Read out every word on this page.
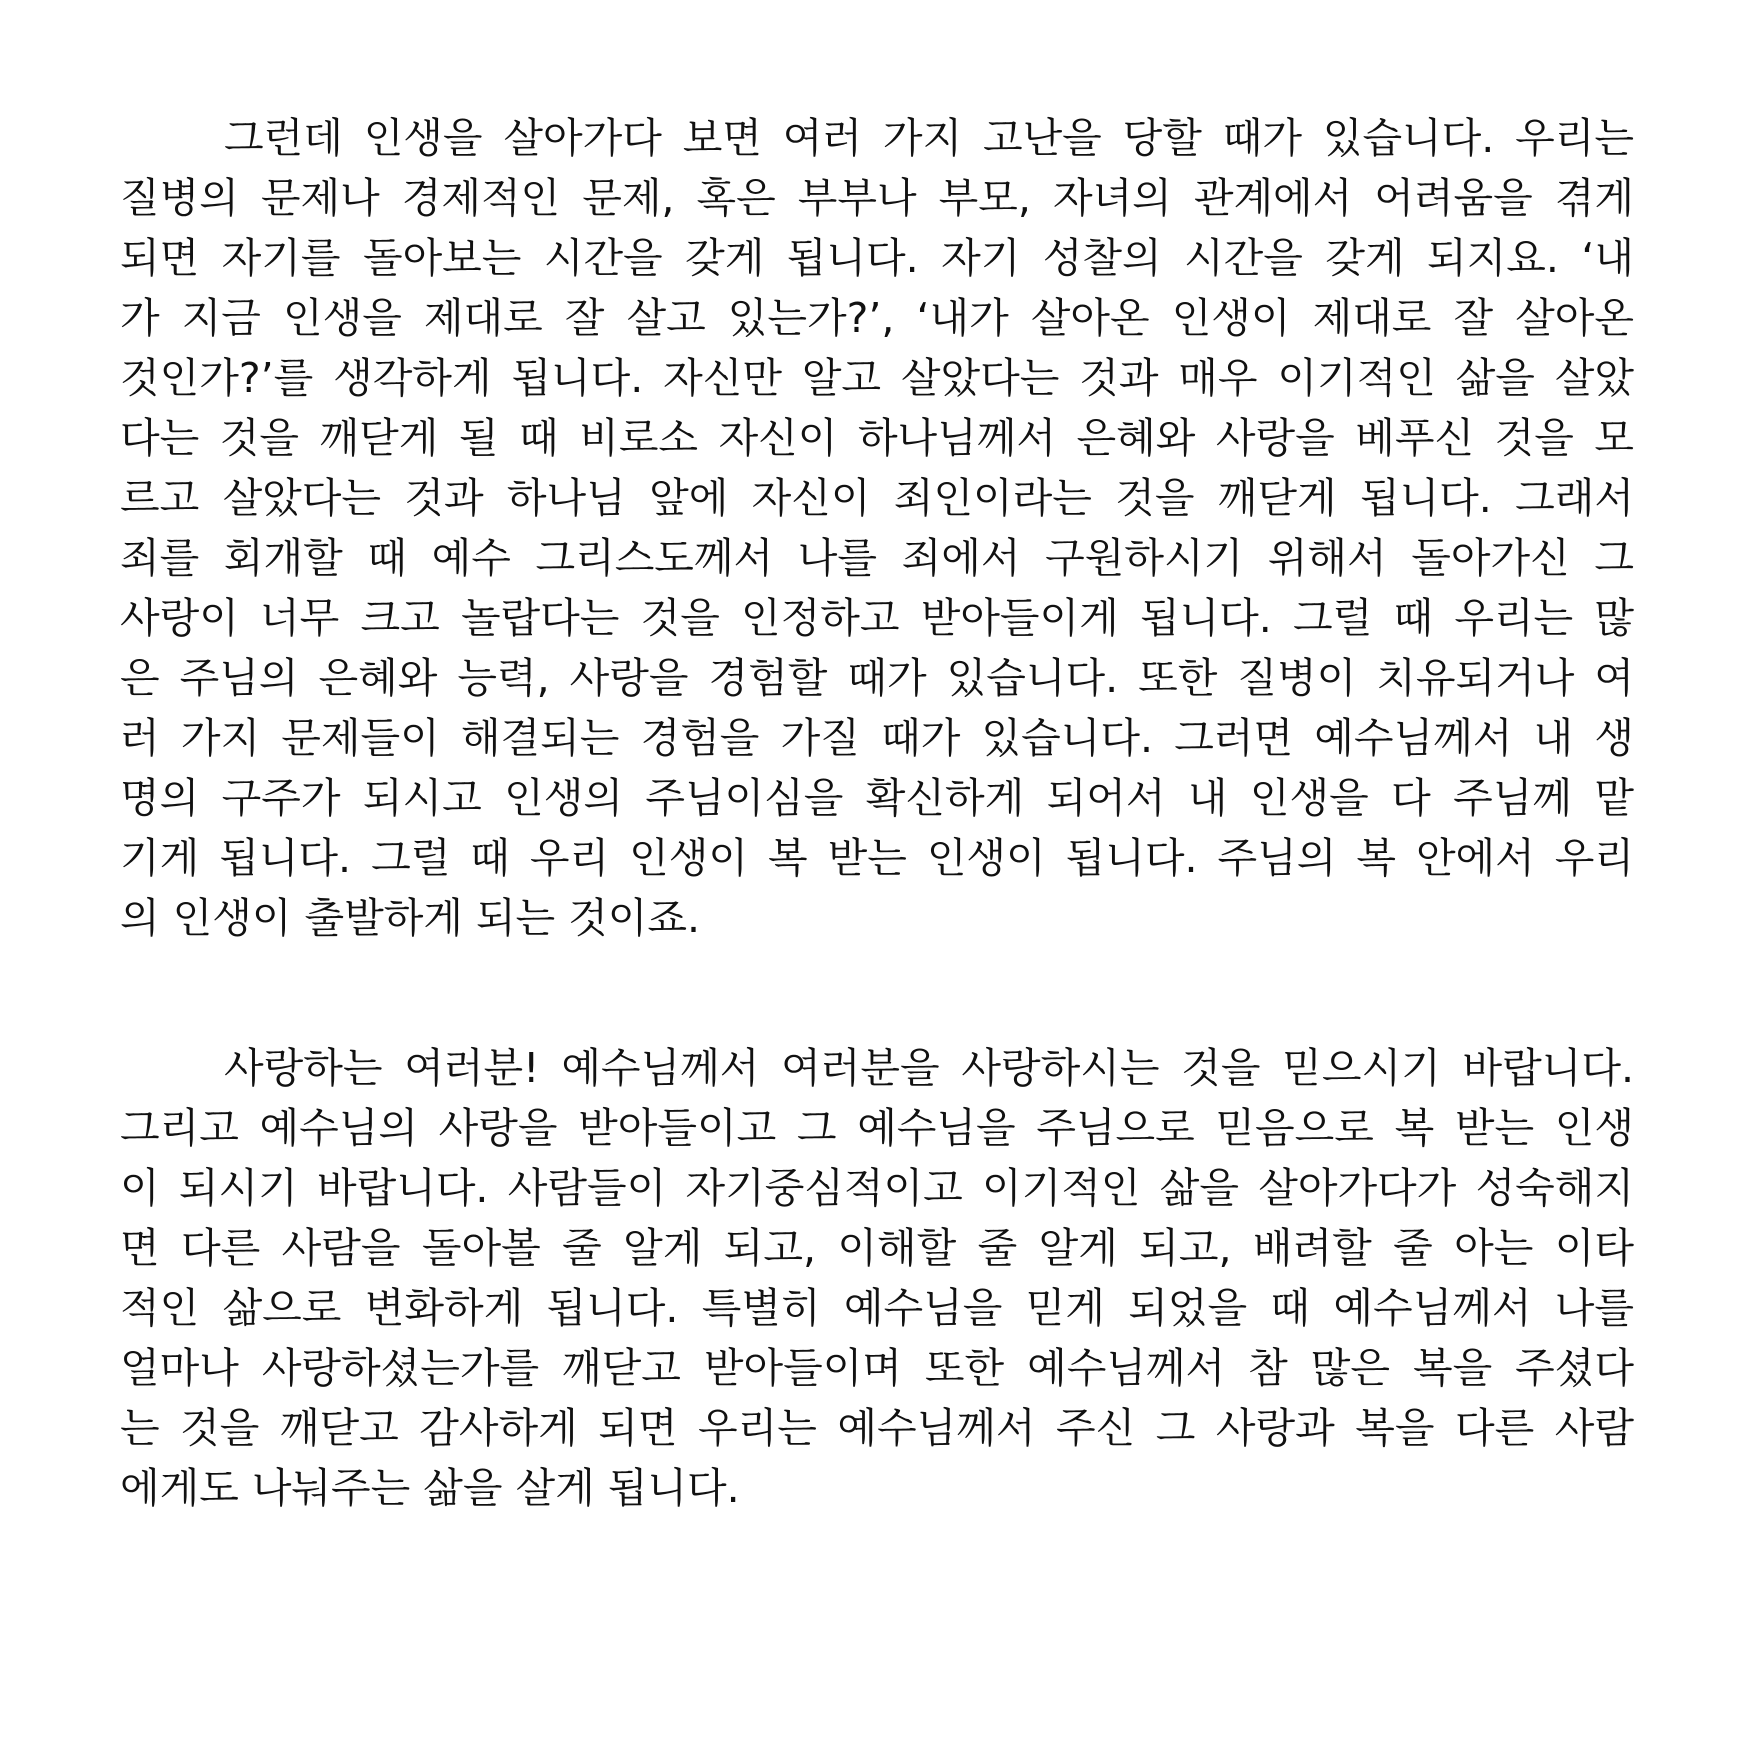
그런데 인생을 살아가다 보면 여러 가지 고난을 당할 때가 있습니다. 우리는
질병의 문제나 경제적인 문제, 혹은 부부나 부모, 자녀의 관계에서 어려움을 겪게
되면 자기를 돌아보는 시간을 갖게 됩니다. 자기 성찰의 시간을 갖게 되지요. ‘내
가 지금 인생을 제대로 잘 살고 있는가?’, ‘내가 살아온 인생이 제대로 잘 살아온
것인가?’를 생각하게 됩니다. 자신만 알고 살았다는 것과 매우 이기적인 삶을 살았
다는 것을 깨닫게 될 때 비로소 자신이 하나님께서 은혜와 사랑을 베푸신 것을 모
르고 살았다는 것과 하나님 앞에 자신이 죄인이라는 것을 깨닫게 됩니다. 그래서
죄를 회개할 때 예수 그리스도께서 나를 죄에서 구원하시기 위해서 돌아가신 그
사랑이 너무 크고 놀랍다는 것을 인정하고 받아들이게 됩니다. 그럴 때 우리는 많
은 주님의 은혜와 능력, 사랑을 경험할 때가 있습니다. 또한 질병이 치유되거나 여
러 가지 문제들이 해결되는 경험을 가질 때가 있습니다. 그러면 예수님께서 내 생
명의 구주가 되시고 인생의 주님이심을 확신하게 되어서 내 인생을 다 주님께 맡
기게 됩니다. 그럴 때 우리 인생이 복 받는 인생이 됩니다. 주님의 복 안에서 우리
의 인생이 출발하게 되는 것이죠.
사랑하는 여러분! 예수님께서 여러분을 사랑하시는 것을 믿으시기 바랍니다.
그리고 예수님의 사랑을 받아들이고 그 예수님을 주님으로 믿음으로 복 받는 인생
이 되시기 바랍니다. 사람들이 자기중심적이고 이기적인 삶을 살아가다가 성숙해지
면 다른 사람을 돌아볼 줄 알게 되고, 이해할 줄 알게 되고, 배려할 줄 아는 이타
적인 삶으로 변화하게 됩니다. 특별히 예수님을 믿게 되었을 때 예수님께서 나를
얼마나 사랑하셨는가를 깨닫고 받아들이며 또한 예수님께서 참 많은 복을 주셨다
는 것을 깨닫고 감사하게 되면 우리는 예수님께서 주신 그 사랑과 복을 다른 사람
에게도 나눠주는 삶을 살게 됩니다.
